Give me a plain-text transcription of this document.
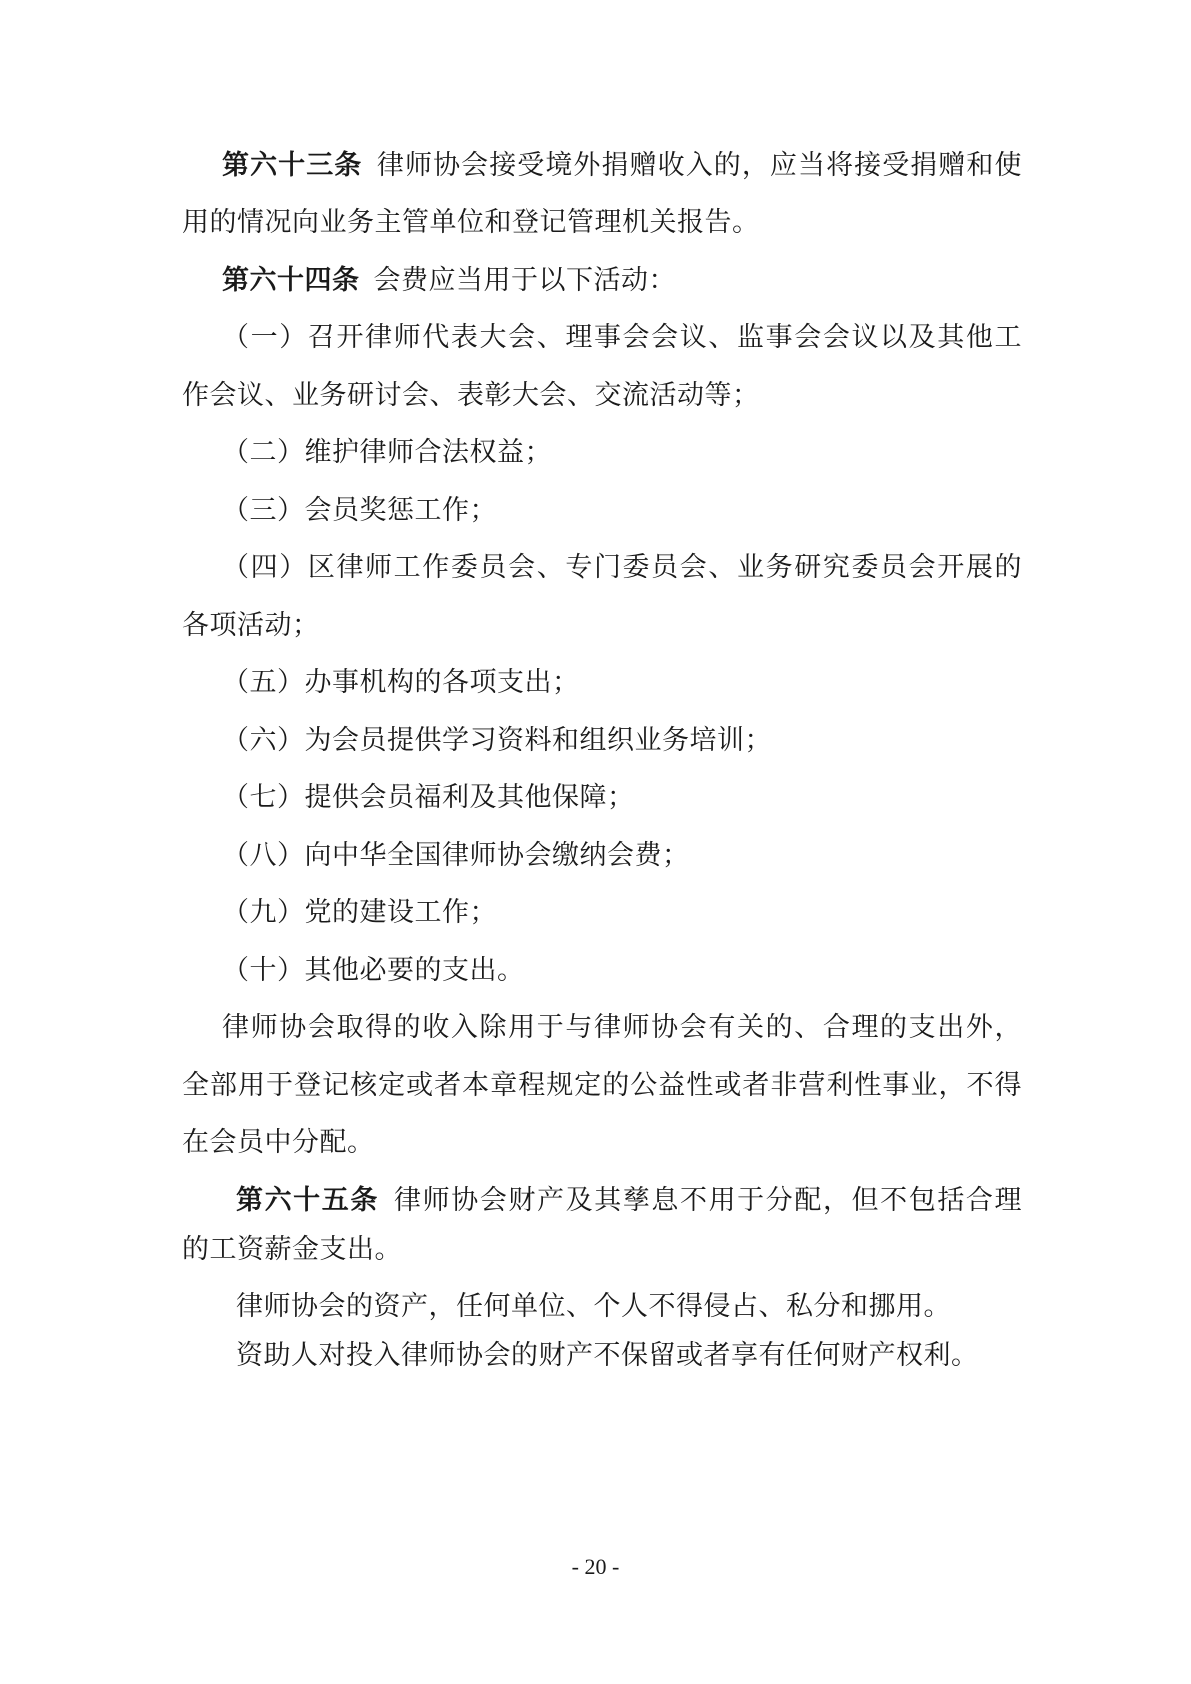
第六十三条 律师协会接受境外捐赠收入的，应当将接受捐赠和使
用的情况向业务主管单位和登记管理机关报告。
第六十四条 会费应当用于以下活动：
（一）召开律师代表大会、理事会会议、监事会会议以及其他工
作会议、业务研讨会、表彰大会、交流活动等；
（二）维护律师合法权益；
（三）会员奖惩工作；
（四）区律师工作委员会、专门委员会、业务研究委员会开展的
各项活动；
（五）办事机构的各项支出；
（六）为会员提供学习资料和组织业务培训；
（七）提供会员福利及其他保障；
（八）向中华全国律师协会缴纳会费；
（九）党的建设工作；
（十）其他必要的支出。
律师协会取得的收入除用于与律师协会有关的、合理的支出外，
全部用于登记核定或者本章程规定的公益性或者非营利性事业，不得
在会员中分配。
第六十五条 律师协会财产及其孳息不用于分配，但不包括合理
的工资薪金支出。
律师协会的资产，任何单位、个人不得侵占、私分和挪用。
资助人对投入律师协会的财产不保留或者享有任何财产权利。
- 20 -
